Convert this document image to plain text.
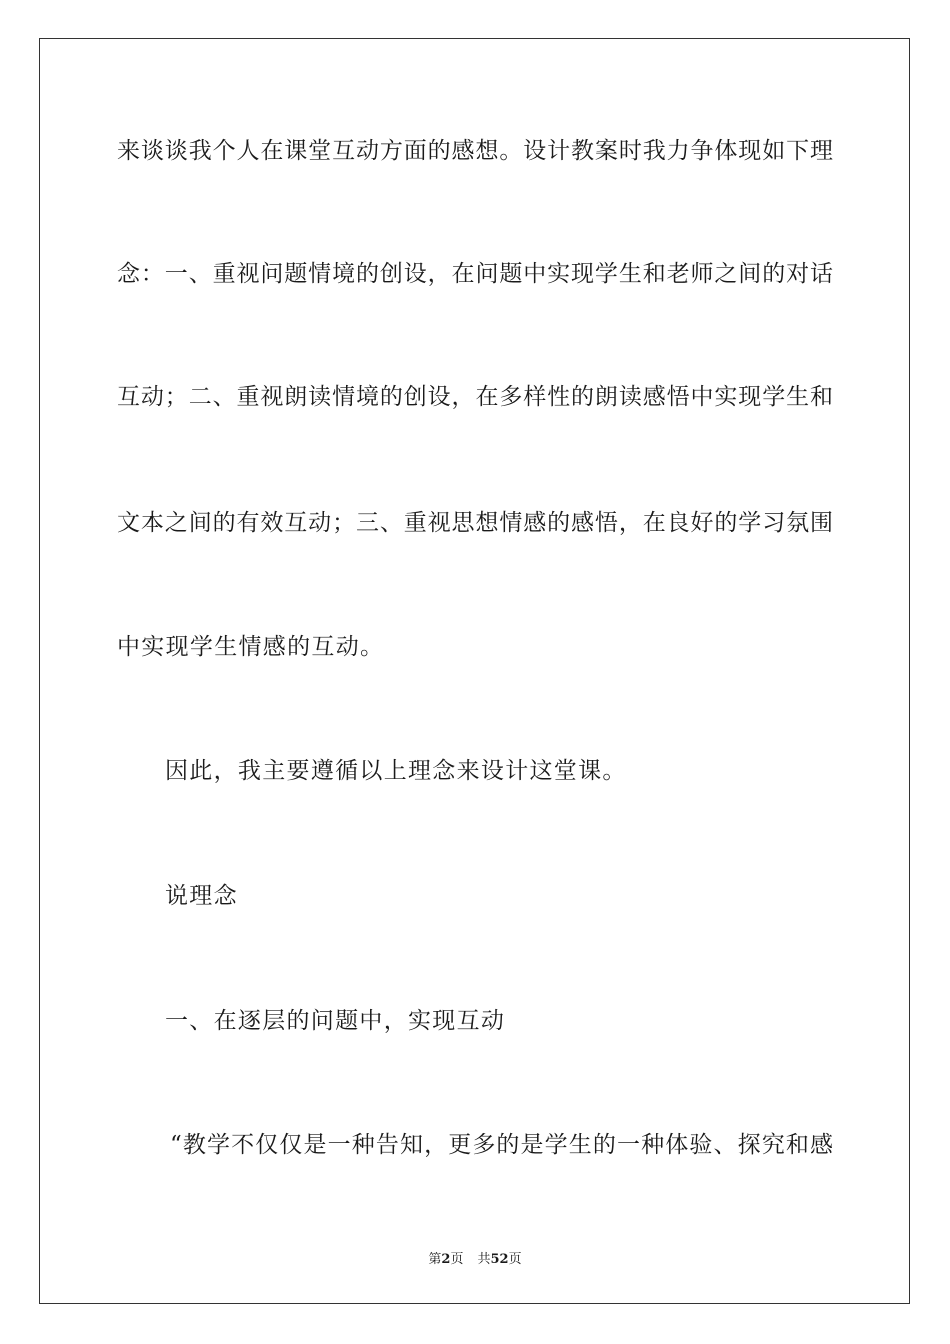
来谈谈我个人在课堂互动方面的感想。设计教案时我力争体现如下理
念：一、重视问题情境的创设，在问题中实现学生和老师之间的对话
互动；二、重视朗读情境的创设，在多样性的朗读感悟中实现学生和
文本之间的有效互动；三、重视思想情感的感悟，在良好的学习氛围
中实现学生情感的互动。
因此，我主要遵循以上理念来设计这堂课。
说理念
一、在逐层的问题中，实现互动
“教学不仅仅是一种告知，更多的是学生的一种体验、探究和感
第2页 共52页
